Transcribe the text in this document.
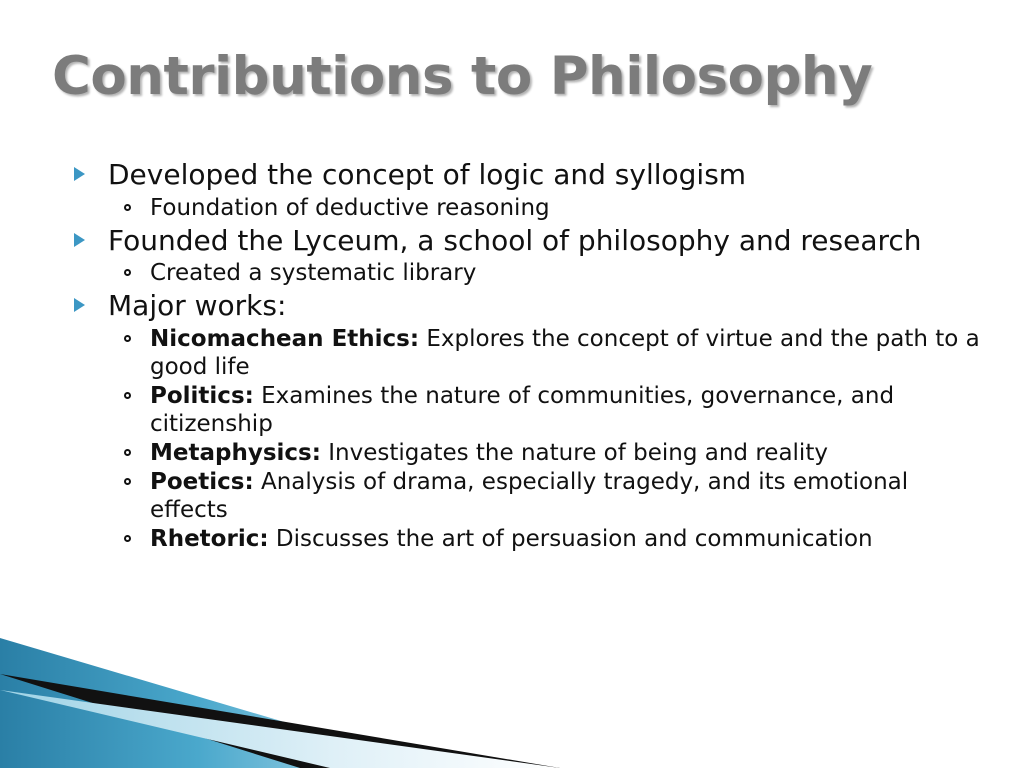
Contributions to Philosophy
Developed the concept of logic and syllogism
Foundation of deductive reasoning
Founded the Lyceum, a school of philosophy and research
Created a systematic library
Major works:
Nicomachean Ethics: Explores the concept of virtue and the path to a good life
Politics: Examines the nature of communities, governance, and citizenship
Metaphysics: Investigates the nature of being and reality
Poetics: Analysis of drama, especially tragedy, and its emotional effects
Rhetoric: Discusses the art of persuasion and communication
